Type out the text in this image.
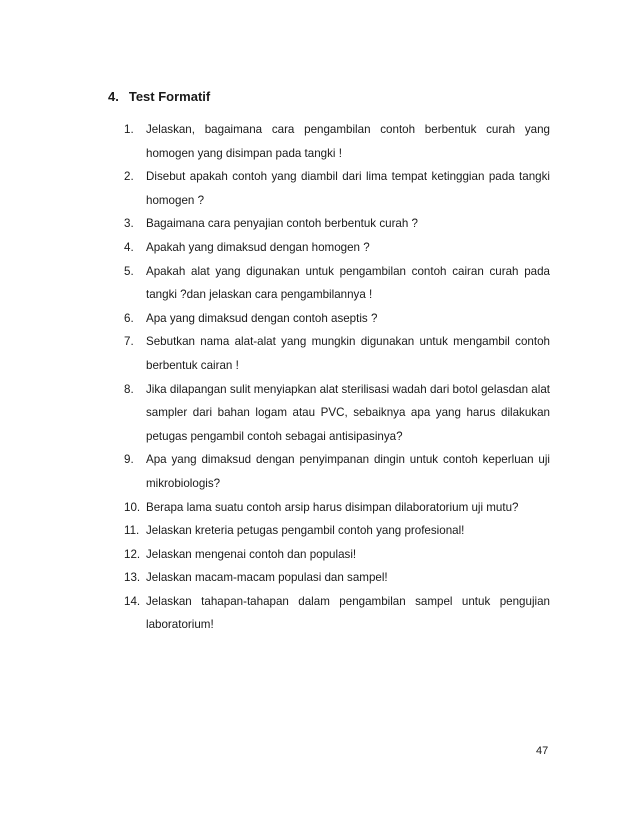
4. Test Formatif
1.	Jelaskan, bagaimana cara pengambilan contoh berbentuk curah yang homogen yang disimpan pada tangki !
2.	Disebut apakah contoh yang diambil dari lima tempat ketinggian pada tangki homogen ?
3.	Bagaimana cara penyajian contoh berbentuk curah ?
4.	Apakah yang dimaksud dengan homogen ?
5.	Apakah alat yang digunakan untuk pengambilan contoh cairan curah pada tangki ?dan jelaskan cara pengambilannya !
6.	Apa yang dimaksud dengan contoh aseptis ?
7.	Sebutkan nama alat-alat yang mungkin digunakan untuk mengambil contoh berbentuk cairan !
8.	Jika dilapangan sulit menyiapkan alat sterilisasi wadah dari botol gelasdan alat sampler dari bahan logam atau PVC, sebaiknya apa yang harus dilakukan petugas pengambil contoh sebagai antisipasinya?
9.	Apa yang dimaksud dengan penyimpanan dingin untuk contoh keperluan uji mikrobiologis?
10. Berapa lama suatu contoh arsip harus disimpan dilaboratorium uji mutu?
11. Jelaskan kreteria petugas pengambil contoh yang profesional!
12. Jelaskan mengenai contoh dan populasi!
13. Jelaskan macam-macam populasi dan sampel!
14. Jelaskan tahapan-tahapan dalam pengambilan sampel untuk pengujian laboratorium!
47
